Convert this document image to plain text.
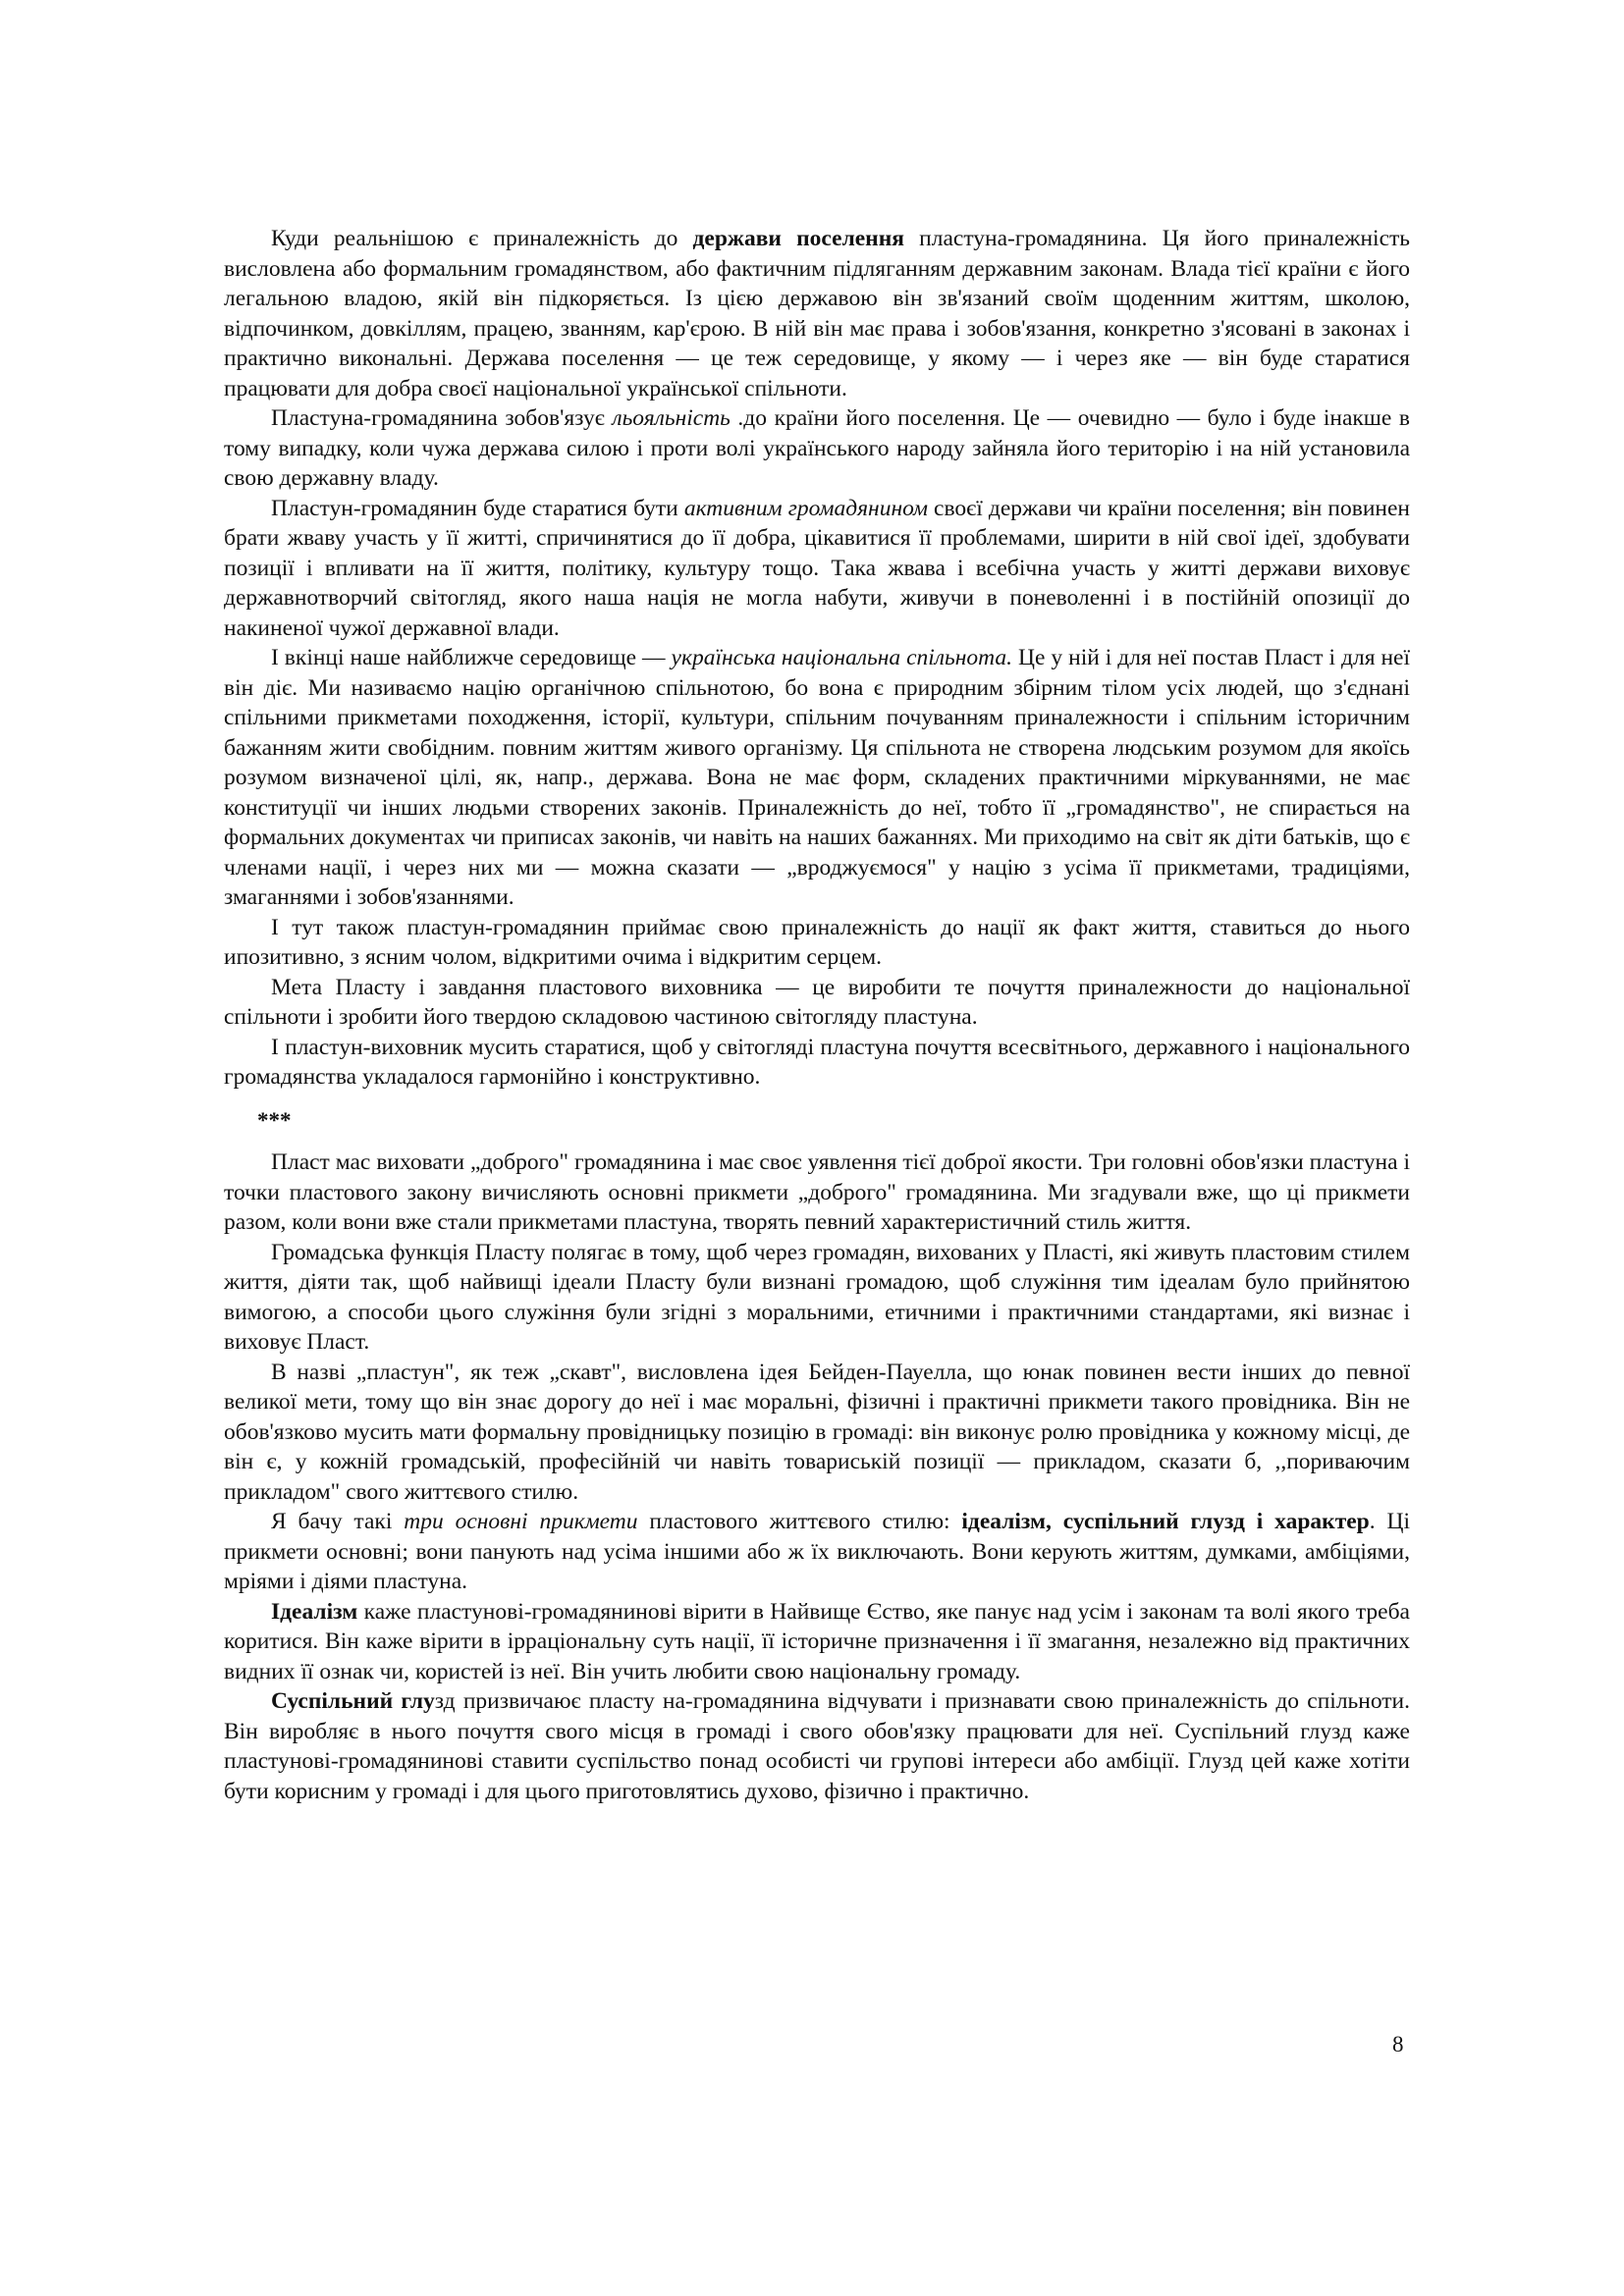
Куди реальнішою є приналежність до держави поселення пластуна-громадянина. Ця його приналежність висловлена або формальним громадянством, або фактичним підляганням державним законам. Влада тієї країни є його легальною владою, якій він підкоряється. Із цією державою він зв'язаний своїм щоденним життям, школою, відпочинком, довкіллям, працею, званням, кар'єрою. В ній він має права і зобов'язання, конкретно з'ясовані в законах і практично викональні. Держава поселення — це теж середовище, у якому — і через яке — він буде старатися працювати для добра своєї національної української спільноти.

Пластуна-громадянина зобов'язує льояльність .до країни його поселення. Це — очевидно — було і буде інакше в тому випадку, коли чужа держава силою і проти волі українського народу зайняла його територію і на ній установила свою державну владу.

Пластун-громадянин буде старатися бути активним громадянином своєї держави чи країни поселення; він повинен брати жваву участь у її житті, спричинятися до її добра, цікавитися її проблемами, ширити в ній свої ідеї, здобувати позиції і впливати на її життя, політику, культуру тощо. Така жвава і всебічна участь у житті держави виховує державнотворчий світогляд, якого наша нація не могла набути, живучи в поневоленні і в постійній опозиції до накиненої чужої державної влади.

І вкінці наше найближче середовище — українська національна спільнота. Це у ній і для неї постав Пласт і для неї він діє. Ми називаємо націю органічною спільнотою, бо вона є природним збірним тілом усіх людей, що з'єднані спільними прикметами походження, історії, культури, спільним почуванням приналежности і спільним історичним бажанням жити свобідним. повним життям живого організму. Ця спільнота не створена людським розумом для якоїсь розумом визначеної цілі, як, напр., держава. Вона не має форм, складених практичними міркуваннями, не має конституції чи інших людьми створених законів. Приналежність до неї, тобто її „громадянство", не спирається на формальних документах чи приписах законів, чи навіть на наших бажаннях. Ми приходимо на світ як діти батьків, що є членами нації, і через них ми — можна сказати — „вроджуємося" у націю з усіма її прикметами, традиціями, змаганнями і зобов'язаннями.

І тут також пластун-громадянин приймає свою приналежність до нації як факт життя, ставиться до нього ипозитивно, з ясним чолом, відкритими очима і відкритим серцем.

Мета Пласту і завдання пластового виховника — це виробити те почуття приналежности до національної спільноти і зробити його твердою складовою частиною світогляду пластуна.

І пластун-виховник мусить старатися, щоб у світогляді пластуна почуття всесвітнього, державного і національного громадянства укладалося гармонійно і конструктивно.

***

Пласт мас виховати „доброго" громадянина і має своє уявлення тієї доброї якости. Три головні обов'язки пластуна і точки пластового закону вичисляють основні прикмети „доброго" громадянина. Ми згадували вже, що ці прикмети разом, коли вони вже стали прикметами пластуна, творять певний характеристичний стиль життя.

Громадська функція Пласту полягає в тому, щоб через громадян, вихованих у Пласті, які живуть пластовим стилем життя, діяти так, щоб найвищі ідеали Пласту були визнані громадою, щоб служіння тим ідеалам було прийнятою вимогою, а способи цього служіння були згідні з моральними, етичними і практичними стандартами, які визнає і виховує Пласт.

В назві „пластун", як теж „скавт", висловлена ідея Бейден-Пауелла, що юнак повинен вести інших до певної великої мети, тому що він знає дорогу до неї і має моральні, фізичні і практичні прикмети такого провідника. Він не обов'язково мусить мати формальну провідницьку позицію в громаді: він виконує ролю провідника у кожному місці, де він є, у кожній громадській, професійній чи навіть товариській позиції — прикладом, сказати б, ,,пориваючим прикладом" свого життєвого стилю.

Я бачу такі три основні прикмети пластового життєвого стилю: ідеалізм, суспільний глузд і характер. Ці прикмети основні; вони панують над усіма іншими або ж їх виключають. Вони керують життям, думками, амбіціями, мріями і діями пластуна.

Ідеалізм каже пластунові-громадянинові вірити в Найвище Єство, яке панує над усім і законам та волі якого треба коритися. Він каже вірити в ірраціональну суть нації, її історичне призначення і її змагання, незалежно від практичних видних її ознак чи, користей із неї. Він учить любити свою національну громаду.

Суспільний глузд призвичаює пласту на-громадянина відчувати і признавати свою приналежність до спільноти. Він виробляє в нього почуття свого місця в громаді і свого обов'язку працювати для неї. Суспільний глузд каже пластунові-громадянинові ставити суспільство понад особисті чи групові інтереси або амбіції. Глузд цей каже хотіти бути корисним у громаді і для цього приготовлятись духово, фізично і практично.

8
